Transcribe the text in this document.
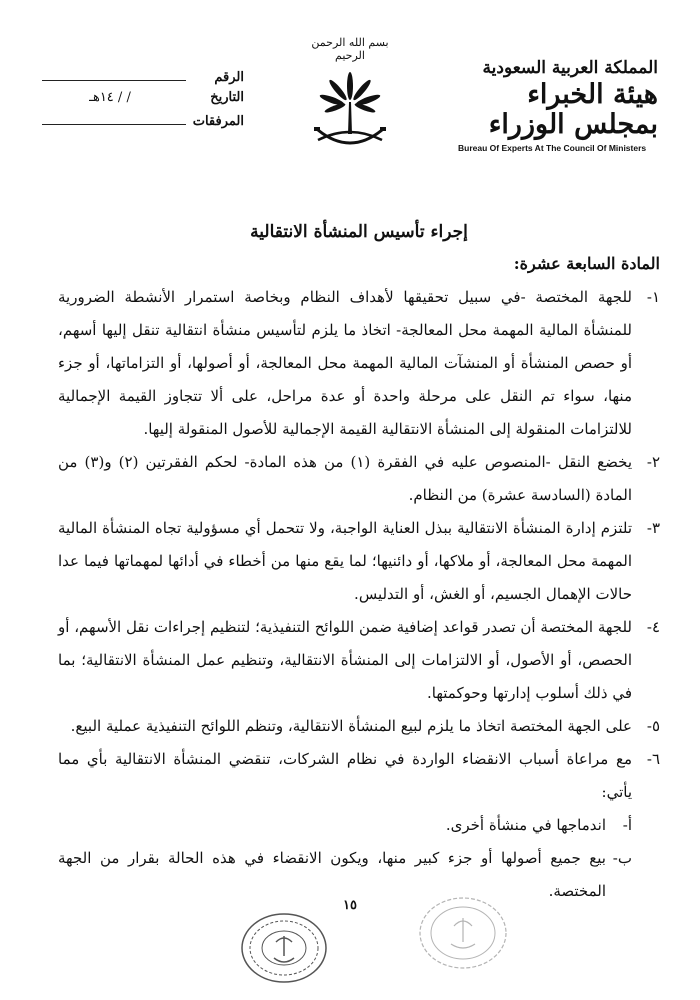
المملكة العربية السعودية
هيئة الخبراء بمجلس الوزراء
Bureau Of Experts At The Council Of Ministers
بسم الله الرحمن الرحيم
الرقم
التاريخ
/ / ١٤هـ
المرفقات
إجراء تأسيس المنشأة الانتقالية
المادة السابعة عشرة:
١-
للجهة المختصة -في سبيل تحقيقها لأهداف النظام وبخاصة استمرار الأنشطة الضرورية للمنشأة المالية المهمة محل المعالجة- اتخاذ ما يلزم لتأسيس منشأة انتقالية تنقل إليها أسهم، أو حصص المنشأة أو المنشآت المالية المهمة محل المعالجة، أو أصولها، أو التزاماتها، أو جزء منها، سواء تم النقل على مرحلة واحدة أو عدة مراحل، على ألا تتجاوز القيمة الإجمالية للالتزامات المنقولة إلى المنشأة الانتقالية القيمة الإجمالية للأصول المنقولة إليها.
٢-
يخضع النقل -المنصوص عليه في الفقرة (١) من هذه المادة- لحكم الفقرتين (٢) و(٣) من المادة (السادسة عشرة) من النظام.
٣-
تلتزم إدارة المنشأة الانتقالية ببذل العناية الواجبة، ولا تتحمل أي مسؤولية تجاه المنشأة المالية المهمة محل المعالجة، أو ملاكها، أو دائنيها؛ لما يقع منها من أخطاء في أدائها لمهماتها فيما عدا حالات الإهمال الجسيم، أو الغش، أو التدليس.
٤-
للجهة المختصة أن تصدر قواعد إضافية ضمن اللوائح التنفيذية؛ لتنظيم إجراءات نقل الأسهم، أو الحصص، أو الأصول، أو الالتزامات إلى المنشأة الانتقالية، وتنظيم عمل المنشأة الانتقالية؛ بما في ذلك أسلوب إدارتها وحوكمتها.
٥-
على الجهة المختصة اتخاذ ما يلزم لبيع المنشأة الانتقالية، وتنظم اللوائح التنفيذية عملية البيع.
٦-
مع مراعاة أسباب الانقضاء الواردة في نظام الشركات، تنقضي المنشأة الانتقالية بأي مما يأتي:
أ-
اندماجها في منشأة أخرى.
ب-
بيع جميع أصولها أو جزء كبير منها، ويكون الانقضاء في هذه الحالة بقرار من الجهة المختصة.
١٥
